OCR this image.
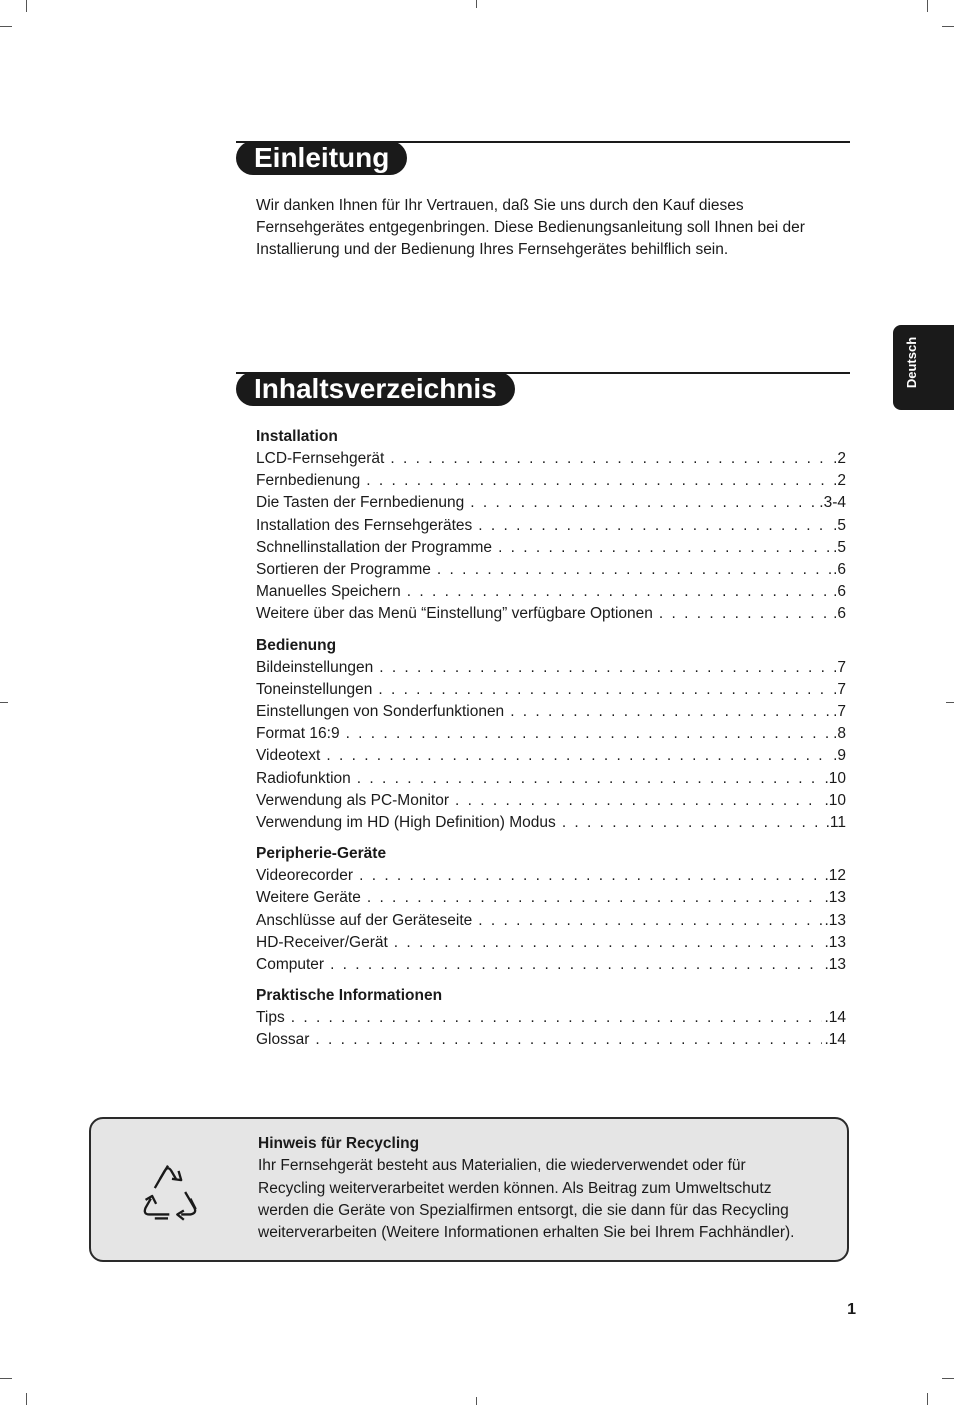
Einleitung
Wir danken Ihnen für Ihr Vertrauen, daß Sie uns durch den Kauf dieses
Fernsehgerätes entgegenbringen. Diese Bedienungsanleitung soll Ihnen bei der
Installierung und der Bedienung Ihres Fernsehgerätes behilflich sein.
Inhaltsverzeichnis
Installation
LCD-Fernsehgerät . . .	.2
Fernbedienung . . .	.2
Die Tasten der Fernbedienung . . .	.3-4
Installation des Fernsehgerätes . . .	.5
Schnellinstallation der Programme . . .	.5
Sortieren der Programme . . .	.6
Manuelles Speichern . . .	.6
Weitere über das Menü “Einstellung” verfügbare Optionen . . .	.6
Bedienung
Bildeinstellungen . . .	.7
Toneinstellungen . . .	.7
Einstellungen von Sonderfunktionen . . .	.7
Format 16:9 . . .	.8
Videotext . . .	.9
Radiofunktion . . .	.10
Verwendung als PC-Monitor . . .	.10
Verwendung im HD (High Definition) Modus . . .	.11
Peripherie-Geräte
Videorecorder . . .	.12
Weitere Geräte . . .	.13
Anschlüsse auf der Geräteseite . . .	.13
HD-Receiver/Gerät . . .	.13
Computer . . .	.13
Praktische Informationen
Tips . . .	.14
Glossar . . .	.14
Deutsch
Hinweis für Recycling
Ihr Fernsehgerät besteht aus Materialien, die wiederverwendet oder für
Recycling weiterverarbeitet werden können. Als Beitrag zum Umweltschutz
werden die Geräte von Spezialfirmen entsorgt, die sie dann für das Recycling
weiterverarbeiten (Weitere Informationen erhalten Sie bei Ihrem Fachhändler).
1
